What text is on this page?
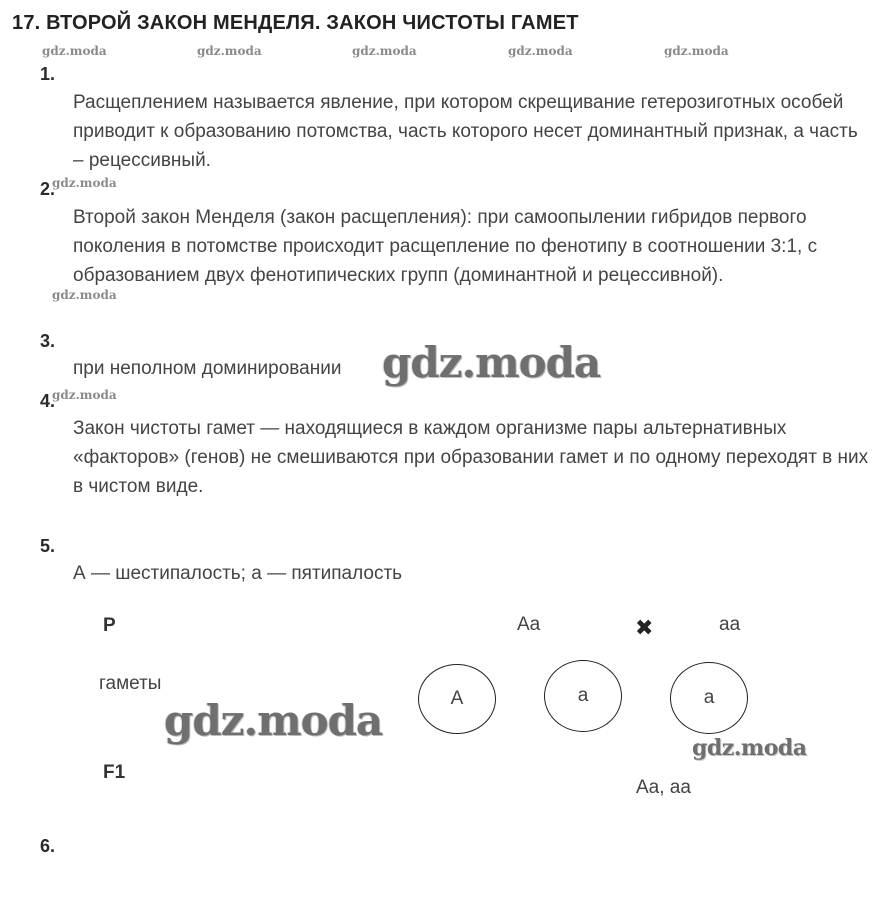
17. ВТОРОЙ ЗАКОН МЕНДЕЛЯ. ЗАКОН ЧИСТОТЫ ГАМЕТ
gdz.moda	gdz.moda	gdz.moda	gdz.moda	gdz.moda
1.
Расщеплением называется явление, при котором скрещивание гетерозиготных особей приводит к образованию потомства, часть которого несет доминантный признак, а часть – рецессивный.
2.
gdz.moda
Второй закон Менделя (закон расщепления): при самоопылении гибридов первого поколения в потомстве происходит расщепление по фенотипу в соотношении 3:1, с образованием двух фенотипических групп (доминантной и рецессивной).
gdz.moda
3.
при неполном доминировании gdz.moda
4.
gdz.moda
Закон чистоты гамет — находящиеся в каждом организме пары альтернативных «факторов» (генов) не смешиваются при образовании гамет и по одному переходят в них в чистом виде.
5.
А — шестипалость; а — пятипалость
P	Aa	✖	aa
гаметы
A	a	a
gdz.moda
gdz.moda
F1
Aa, aa
6.
